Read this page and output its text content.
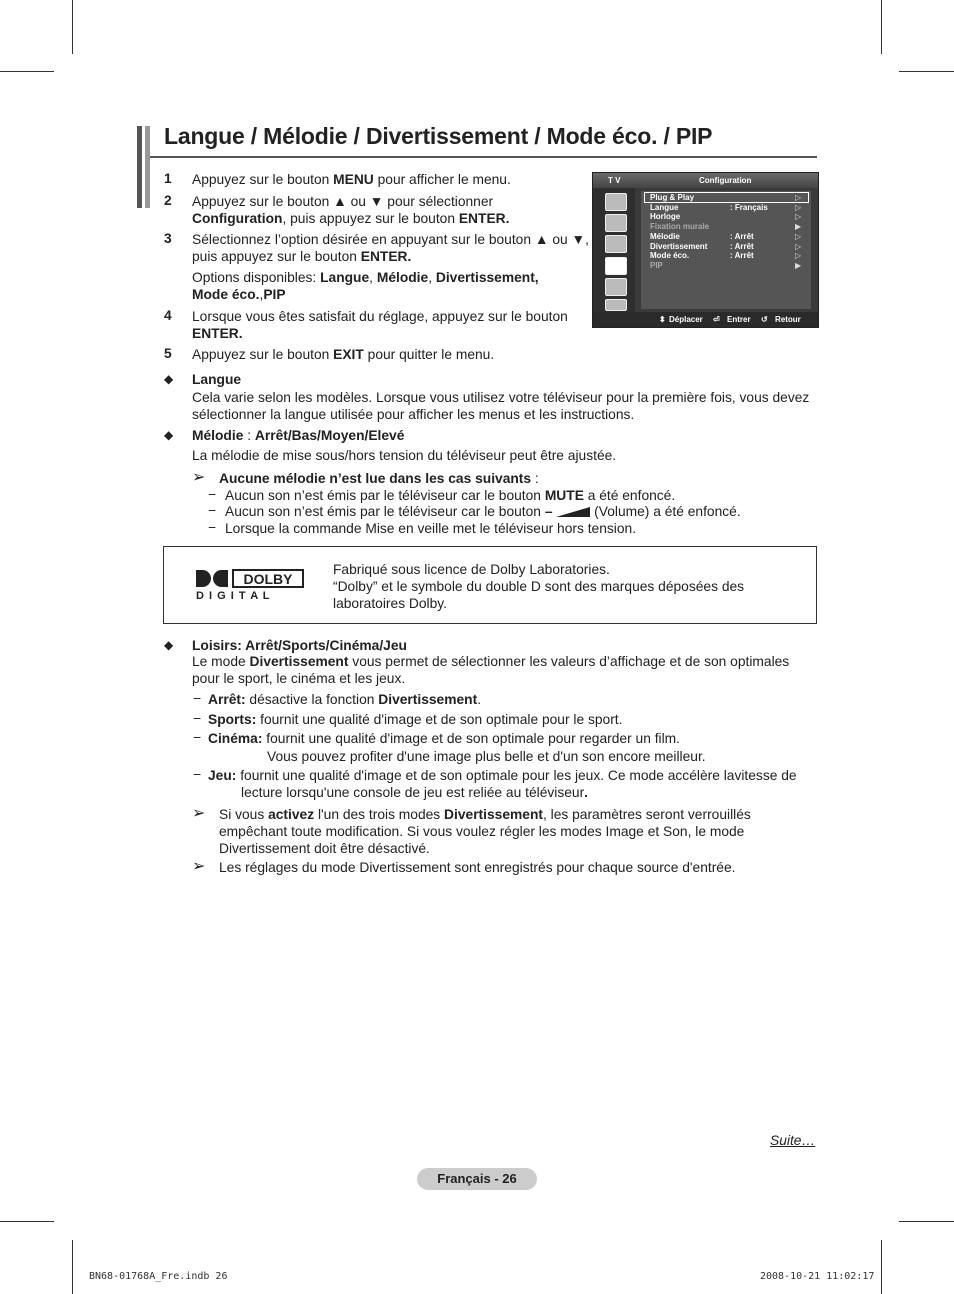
Langue / Mélodie / Divertissement / Mode éco. / PIP
1 Appuyez sur le bouton MENU pour afficher le menu.
2 Appuyez sur le bouton ▲ ou ▼ pour sélectionner
Configuration, puis appuyez sur le bouton ENTER.
3 Sélectionnez l’option désirée en appuyant sur le bouton ▲ ou ▼,
puis appuyez sur le bouton ENTER.
Options disponibles: Langue, Mélodie, Divertissement,
Mode éco.,PIP
4 Lorsque vous êtes satisfait du réglage, appuyez sur le bouton
ENTER.
5 Appuyez sur le bouton EXIT pour quitter le menu.
T V	Configuration
⬍ Déplacer ⏎ Entrer ↺ Retour
Plug & Play	▷
Langue	: Français	▷
Horloge	▷
Fixation murale	▶
Mélodie	: Arrêt	▷
Divertissement	: Arrêt	▷
Mode éco.	: Arrêt	▷
PIP	▶
◆ Langue
Cela varie selon les modèles. Lorsque vous utilisez votre téléviseur pour la première fois, vous devez
sélectionner la langue utilisée pour afficher les menus et les instructions.
◆ Mélodie : Arrêt/Bas/Moyen/Elevé
La mélodie de mise sous/hors tension du téléviseur peut être ajustée.
➢ Aucune mélodie n’est lue dans les cas suivants :
− Aucun son n’est émis par le téléviseur car le bouton MUTE a été enfoncé.
− Aucun son n’est émis par le téléviseur car le bouton –	(Volume) a été enfoncé.
− Lorsque la commande Mise en veille met le téléviseur hors tension.
DOLBY
D I G I T A L
Fabriqué sous licence de Dolby Laboratories.
“Dolby” et le symbole du double D sont des marques déposées des
laboratoires Dolby.
◆ Loisirs: Arrêt/Sports/Cinéma/Jeu
Le mode Divertissement vous permet de sélectionner les valeurs d’affichage et de son optimales
pour le sport, le cinéma et les jeux.
− Arrêt: désactive la fonction Divertissement.
− Sports: fournit une qualité d'image et de son optimale pour le sport.
− Cinéma: fournit une qualité d'image et de son optimale pour regarder un film.
Vous pouvez profiter d'une image plus belle et d'un son encore meilleur.
− Jeu: fournit une qualité d'image et de son optimale pour les jeux. Ce mode accélère lavitesse de
lecture lorsqu'une console de jeu est reliée au téléviseur.
➢ Si vous activez l'un des trois modes Divertissement, les paramètres seront verrouillés
empêchant toute modification. Si vous voulez régler les modes Image et Son, le mode
Divertissement doit être désactivé.
➢ Les réglages du mode Divertissement sont enregistrés pour chaque source d'entrée.
Suite…
Français - 26
BN68-01768A_Fre.indb 26	2008-10-21 11:02:17
